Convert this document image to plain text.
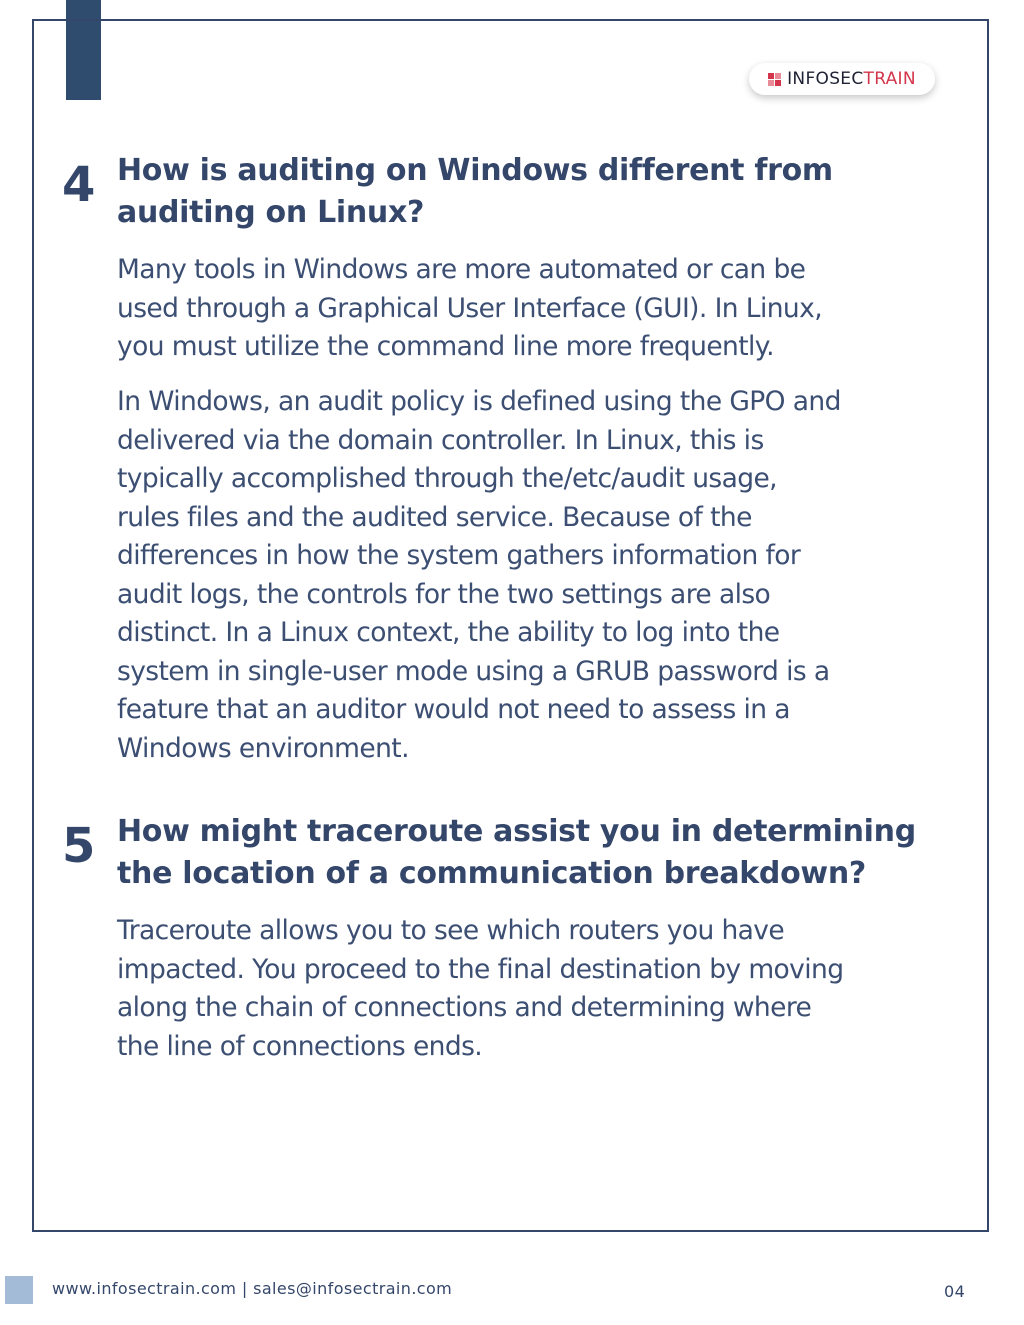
INFOSECTRAIN
4 How is auditing on Windows different from
auditing on Linux?
Many tools in Windows are more automated or can be
used through a Graphical User Interface (GUI). In Linux,
you must utilize the command line more frequently.
In Windows, an audit policy is defined using the GPO and
delivered via the domain controller. In Linux, this is
typically accomplished through the/etc/audit usage,
rules files and the audited service. Because of the
differences in how the system gathers information for
audit logs, the controls for the two settings are also
distinct. In a Linux context, the ability to log into the
system in single-user mode using a GRUB password is a
feature that an auditor would not need to assess in a
Windows environment.
5 How might traceroute assist you in determining
the location of a communication breakdown?
Traceroute allows you to see which routers you have
impacted. You proceed to the final destination by moving
along the chain of connections and determining where
the line of connections ends.
www.infosectrain.com | sales@infosectrain.com	04
